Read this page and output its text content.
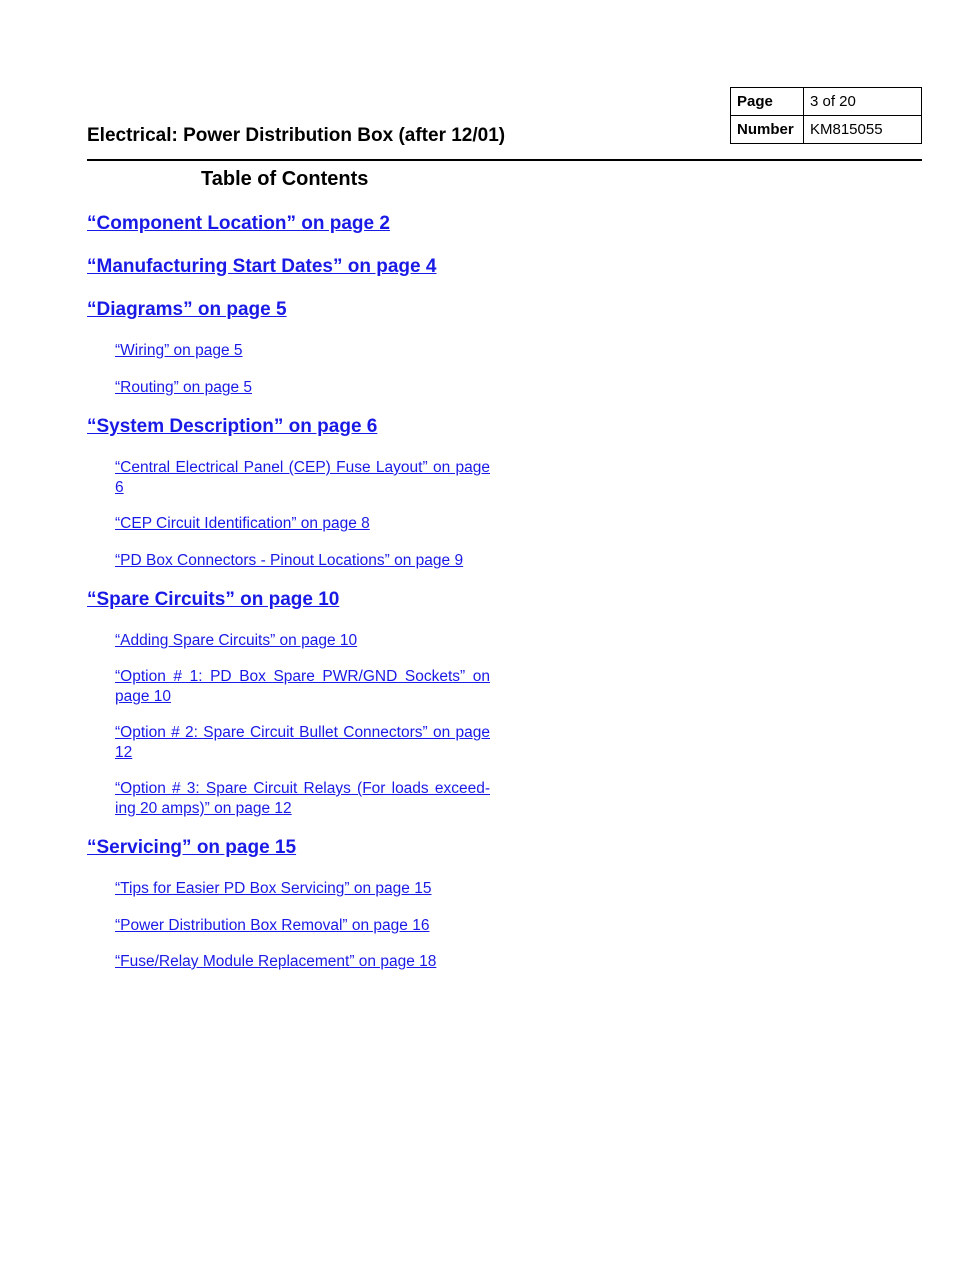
Page	3 of 20
Number	KM815055
Electrical: Power Distribution Box (after 12/01)
Table of Contents
“Component Location” on page 2
“Manufacturing Start Dates” on page 4
“Diagrams” on page 5
“Wiring” on page 5
“Routing” on page 5
“System Description” on page 6
“Central Electrical Panel (CEP) Fuse Layout” on page 6
“CEP Circuit Identification” on page 8
“PD Box Connectors - Pinout Locations” on page 9
“Spare Circuits” on page 10
“Adding Spare Circuits” on page 10
“Option # 1: PD Box Spare PWR/GND Sockets” on page 10
“Option # 2: Spare Circuit Bullet Connectors” on page 12
“Option # 3: Spare Circuit Relays (For loads exceed-ing 20 amps)” on page 12
“Servicing” on page 15
“Tips for Easier PD Box Servicing” on page 15
“Power Distribution Box Removal” on page 16
“Fuse/Relay Module Replacement” on page 18
